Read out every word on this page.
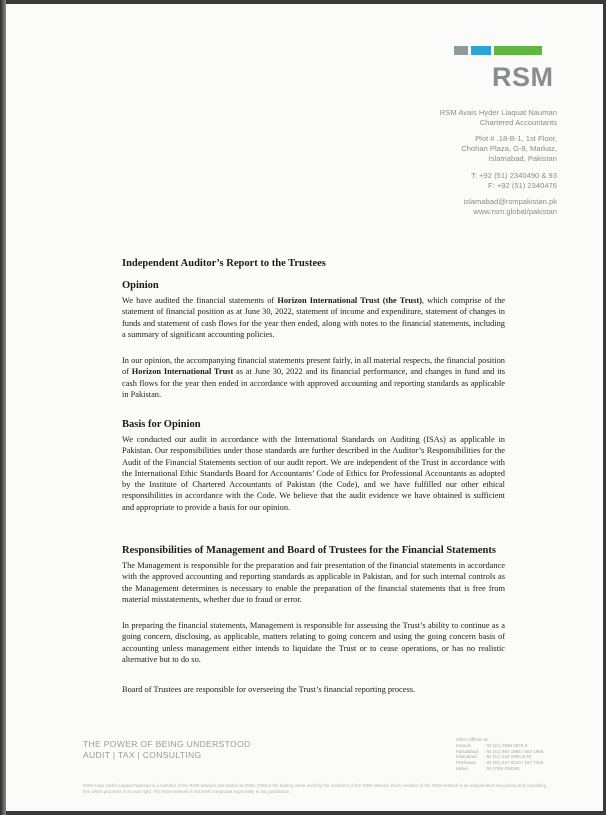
RSM
RSM Avais Hyder Liaquat Nauman
Chartered Accountants
Plot # .18-B-1, 1st Floor,
Chohan Plaza, G-8, Markaz,
Islamabad, Pakistan
T: +92 (51) 2340490 & 93
F: +92 (51) 2340476
islamabad@rsmpakistan.pk
www.rsm.global/pakistan
Independent Auditor’s Report to the Trustees
Opinion
We have audited the financial statements of Horizon International Trust (the Trust), which comprise of the statement of financial position as at June 30, 2022, statement of income and expenditure, statement of changes in funds and statement of cash flows for the year then ended, along with notes to the financial statements, including a summary of significant accounting policies.
In our opinion, the accompanying financial statements present fairly, in all material respects, the financial position of Horizon International Trust as at June 30, 2022 and its financial performance, and changes in fund and its cash flows for the year then ended in accordance with approved accounting and reporting standards as applicable in Pakistan.
Basis for Opinion
We conducted our audit in accordance with the International Standards on Auditing (ISAs) as applicable in Pakistan. Our responsibilities under those standards are further described in the Auditor’s Responsibilities for the Audit of the Financial Statements section of our audit report. We are independent of the Trust in accordance with the International Ethic Standards Board for Accountants’ Code of Ethics for Professional Accountants as adopted by the Institute of Chartered Accountants of Pakistan (the Code), and we have fulfilled our other ethical responsibilities in accordance with the Code. We believe that the audit evidence we have obtained is sufficient and appropriate to provide a basis for our opinion.
Responsibilities of Management and Board of Trustees for the Financial Statements
The Management is responsible for the preparation and fair presentation of the financial statements in accordance with the approved accounting and reporting standards as applicable in Pakistan, and for such internal controls as the Management determines is necessary to enable the preparation of the financial statements that is free from material misstatements, whether due to fraud or error.
In preparing the financial statements, Management is responsible for assessing the Trust’s ability to continue as a going concern, disclosing, as applicable, matters relating to going concern and using the going concern basis of accounting unless management either intends to liquidate the Trust or to cease operations, or has no realistic alternative but to do so.
Board of Trustees are responsible for overseeing the Trust’s financial reporting process.
THE POWER OF BEING UNDERSTOOD
AUDIT | TAX | CONSULTING
Other Offices at:
Karachi	: 92 (21) 3565 5975-9
Faisalabad	: 92 (41) 854 1965 / 854 1966
Islamabad	: 92 (51) 234 0490 & 93
Peshawar	: 92 (91) 527 8310 / 527 7205
Kabul	: 93 (799) 058155
RSM Avais Hyder Liaquat Nauman is a member of the RSM network and trades as RSM. RSM is the trading name used by the members of the RSM network. Each member of the RSM network is an independent accounting and consulting firm which practices in its own right. The RSM network is not itself a separate legal entity in any jurisdiction.
